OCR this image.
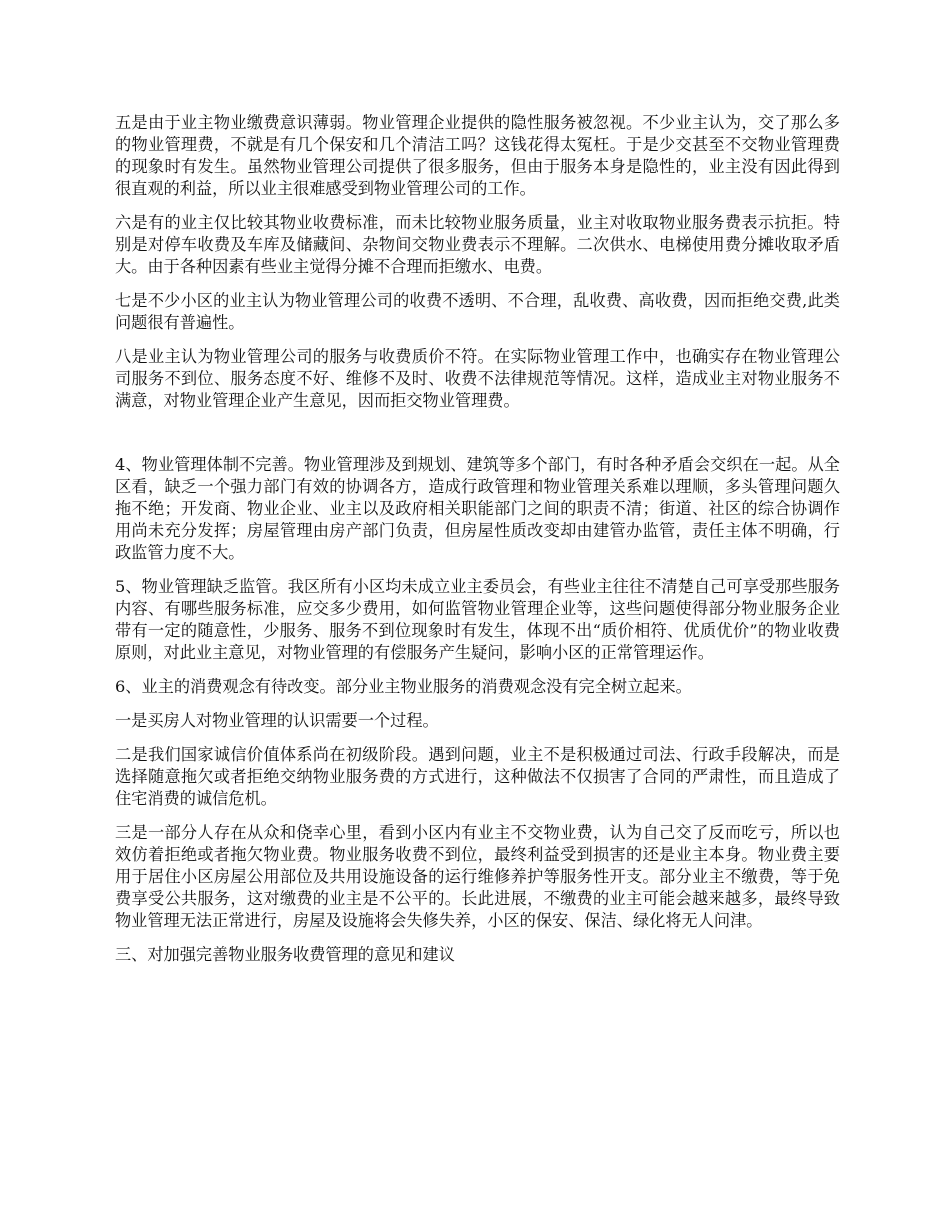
五是由于业主物业缴费意识薄弱。物业管理企业提供的隐性服务被忽视。不少业主认为，交了那么多的物业管理费，不就是有几个保安和几个清洁工吗？这钱花得太冤枉。于是少交甚至不交物业管理费的现象时有发生。虽然物业管理公司提供了很多服务，但由于服务本身是隐性的，业主没有因此得到很直观的利益，所以业主很难感受到物业管理公司的工作。

六是有的业主仅比较其物业收费标准，而未比较物业服务质量，业主对收取物业服务费表示抗拒。特别是对停车收费及车库及储藏间、杂物间交物业费表示不理解。二次供水、电梯使用费分摊收取矛盾大。由于各种因素有些业主觉得分摊不合理而拒缴水、电费。

七是不少小区的业主认为物业管理公司的收费不透明、不合理，乱收费、高收费，因而拒绝交费,此类问题很有普遍性。

八是业主认为物业管理公司的服务与收费质价不符。在实际物业管理工作中，也确实存在物业管理公司服务不到位、服务态度不好、维修不及时、收费不法律规范等情况。这样，造成业主对物业服务不满意，对物业管理企业产生意见，因而拒交物业管理费。

4、物业管理体制不完善。物业管理涉及到规划、建筑等多个部门，有时各种矛盾会交织在一起。从全区看，缺乏一个强力部门有效的协调各方，造成行政管理和物业管理关系难以理顺，多头管理问题久拖不绝；开发商、物业企业、业主以及政府相关职能部门之间的职责不清；街道、社区的综合协调作用尚未充分发挥；房屋管理由房产部门负责，但房屋性质改变却由建管办监管，责任主体不明确，行政监管力度不大。

5、物业管理缺乏监管。我区所有小区均未成立业主委员会，有些业主往往不清楚自己可享受那些服务内容、有哪些服务标准，应交多少费用，如何监管物业管理企业等，这些问题使得部分物业服务企业带有一定的随意性，少服务、服务不到位现象时有发生，体现不出“质价相符、优质优价”的物业收费原则，对此业主意见，对物业管理的有偿服务产生疑问，影响小区的正常管理运作。

6、业主的消费观念有待改变。部分业主物业服务的消费观念没有完全树立起来。

一是买房人对物业管理的认识需要一个过程。

二是我们国家诚信价值体系尚在初级阶段。遇到问题，业主不是积极通过司法、行政手段解决，而是选择随意拖欠或者拒绝交纳物业服务费的方式进行，这种做法不仅损害了合同的严肃性，而且造成了住宅消费的诚信危机。

三是一部分人存在从众和侥幸心里，看到小区内有业主不交物业费，认为自己交了反而吃亏，所以也效仿着拒绝或者拖欠物业费。物业服务收费不到位，最终利益受到损害的还是业主本身。物业费主要用于居住小区房屋公用部位及共用设施设备的运行维修养护等服务性开支。部分业主不缴费，等于免费享受公共服务，这对缴费的业主是不公平的。长此进展，不缴费的业主可能会越来越多，最终导致物业管理无法正常进行，房屋及设施将会失修失养，小区的保安、保洁、绿化将无人问津。

三、对加强完善物业服务收费管理的意见和建议
